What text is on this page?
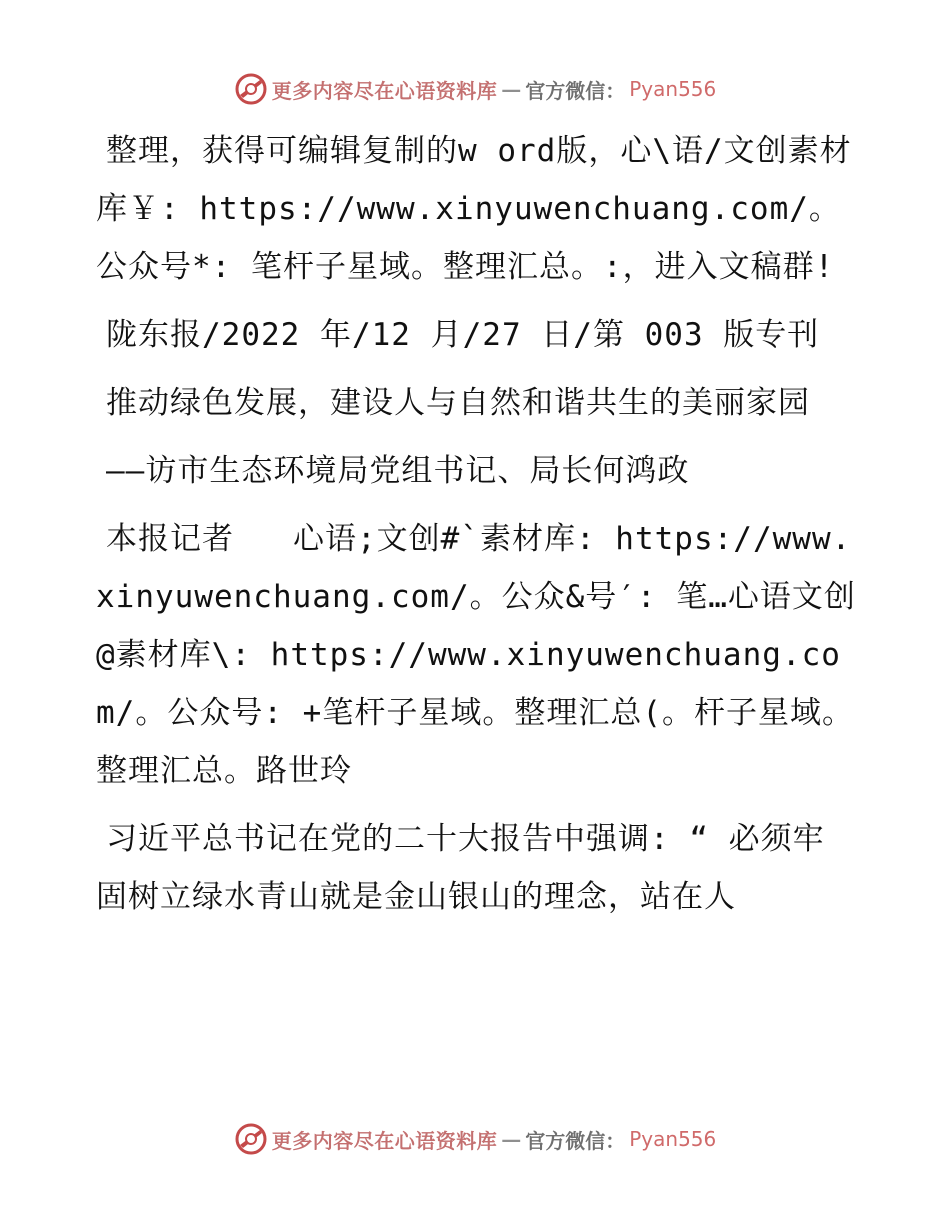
更多内容尽在心语资料库 — 官方微信： Pyan556

整理，获得可编辑复制的w ord版，心\语/文创素材库￥: https://www.xinyuwenchuang.com/。公众号*: 笔杆子星域。整理汇总。:，进入文稿群!

陇东报/2022 年/12 月/27 日/第 003 版专刊

推动绿色发展，建设人与自然和谐共生的美丽家园

——访市生态环境局党组书记、局长何鸿政

本报记者   心语;文创#`素材库: https://www.xinyuwenchuang.com/。公众&号′: 笔…心语文创@素材库\: https://www.xinyuwenchuang.com/。公众号: +笔杆子星域。整理汇总(。杆子星域。整理汇总。路世玲

习近平总书记在党的二十大报告中强调: “ 必须牢固树立绿水青山就是金山银山的理念，站在人

更多内容尽在心语资料库 — 官方微信： Pyan556
